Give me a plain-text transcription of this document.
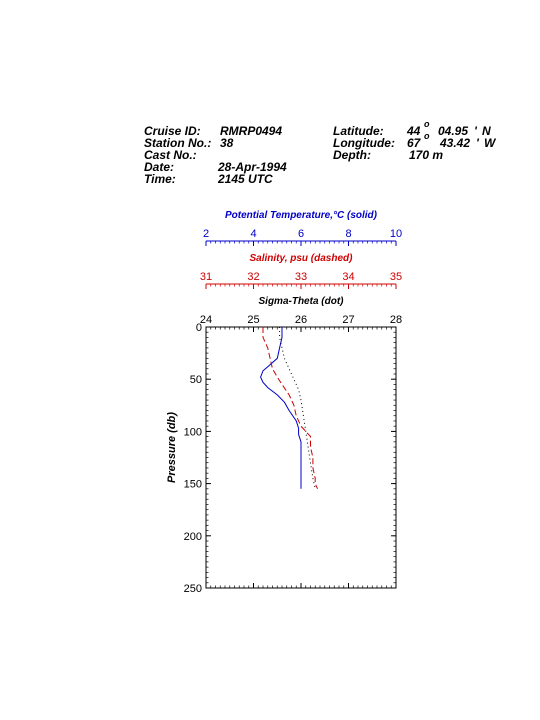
Cruise ID: RMRP0494
Station No.: 38
Cast No.:
Date:	28-Apr-1994
Time:	2145 UTC
Latitude: 44 o 04.95 ' N
Longitude: 67 o 43.42 ' W
Depth:	170 m
Potential Temperature,°C (solid)
2	4	6	8	10
Salinity, psu (dashed)
31	32	33	34	35
Sigma-Theta (dot)
24	25	26	27	28
0
50
100
150
200
250
Pressure (db)
